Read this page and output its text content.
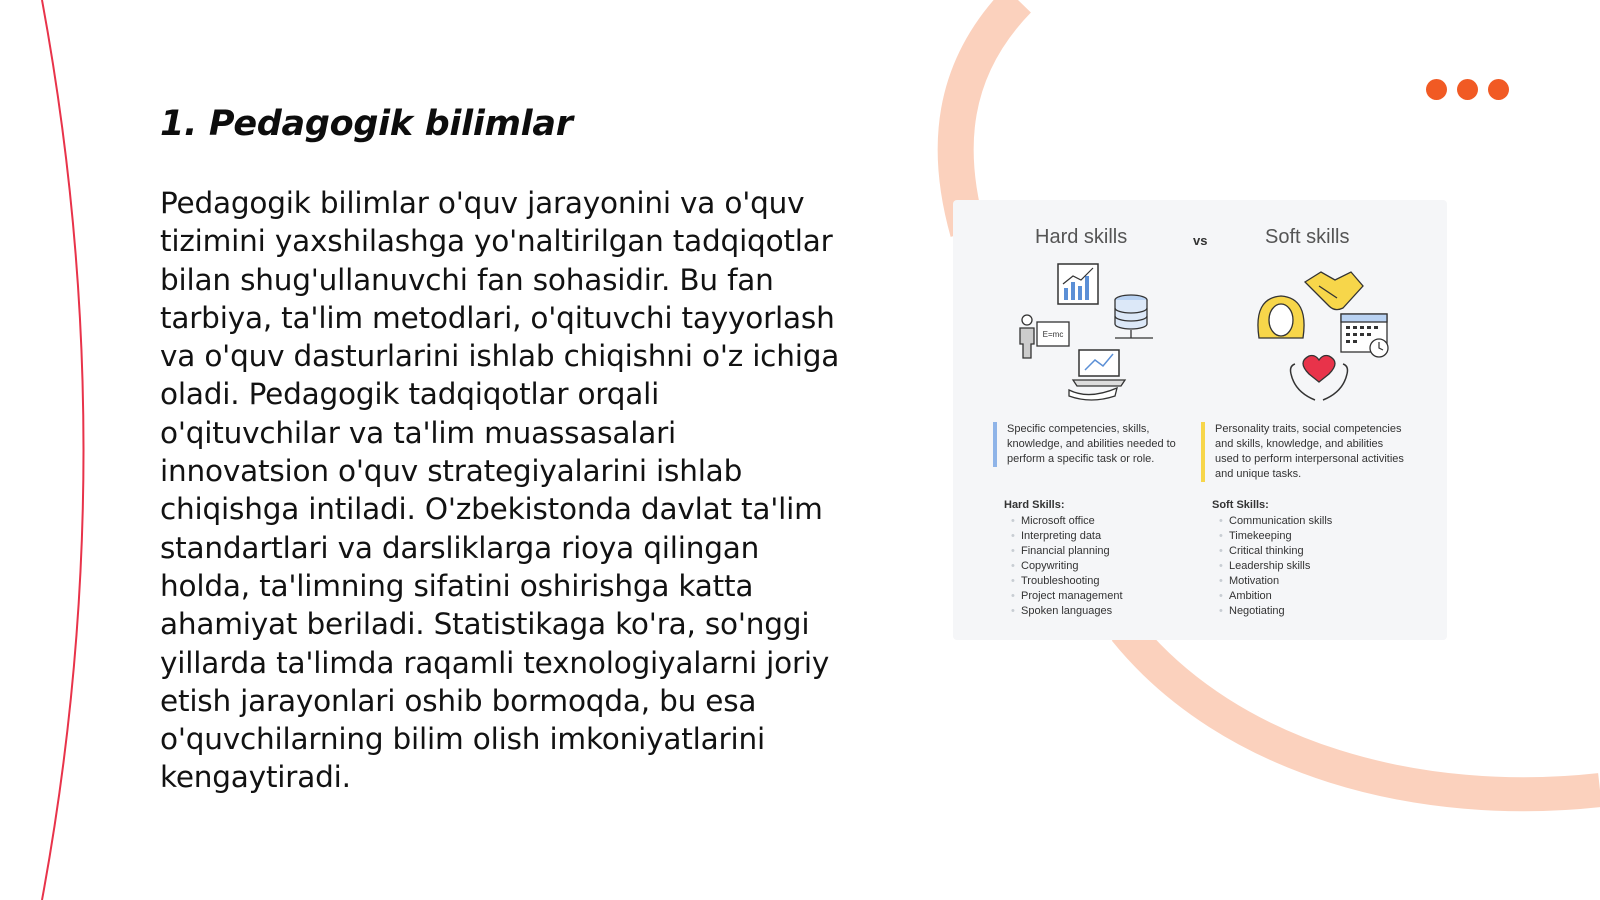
1. Pedagogik bilimlar

Pedagogik bilimlar o'quv jarayonini va o'quv tizimini yaxshilashga yo'naltirilgan tadqiqotlar bilan shug'ullanuvchi fan sohasidir. Bu fan tarbiya, ta'lim metodlari, o'qituvchi tayyorlash va o'quv dasturlarini ishlab chiqishni o'z ichiga oladi. Pedagogik tadqiqotlar orqali o'qituvchilar va ta'lim muassasalari innovatsion o'quv strategiyalarini ishlab chiqishga intiladi. O'zbekistonda davlat ta'lim standartlari va darsliklarga rioya qilingan holda, ta'limning sifatini oshirishga katta ahamiyat beriladi. Statistikaga ko'ra, so'nggi yillarda ta'limda raqamli texnologiyalarni joriy etish jarayonlari oshib bormoqda, bu esa o'quvchilarning bilim olish imkoniyatlarini kengaytiradi.

Hard skills	vs	Soft skills
E=mc
Specific competencies, skills, knowledge, and abilities needed to perform a specific task or role.
Personality traits, social competencies and skills, knowledge, and abilities used to perform interpersonal activities and unique tasks.
Hard Skills:
• Microsoft office
• Interpreting data
• Financial planning
• Copywriting
• Troubleshooting
• Project management
• Spoken languages
Soft Skills:
• Communication skills
• Timekeeping
• Critical thinking
• Leadership skills
• Motivation
• Ambition
• Negotiating
